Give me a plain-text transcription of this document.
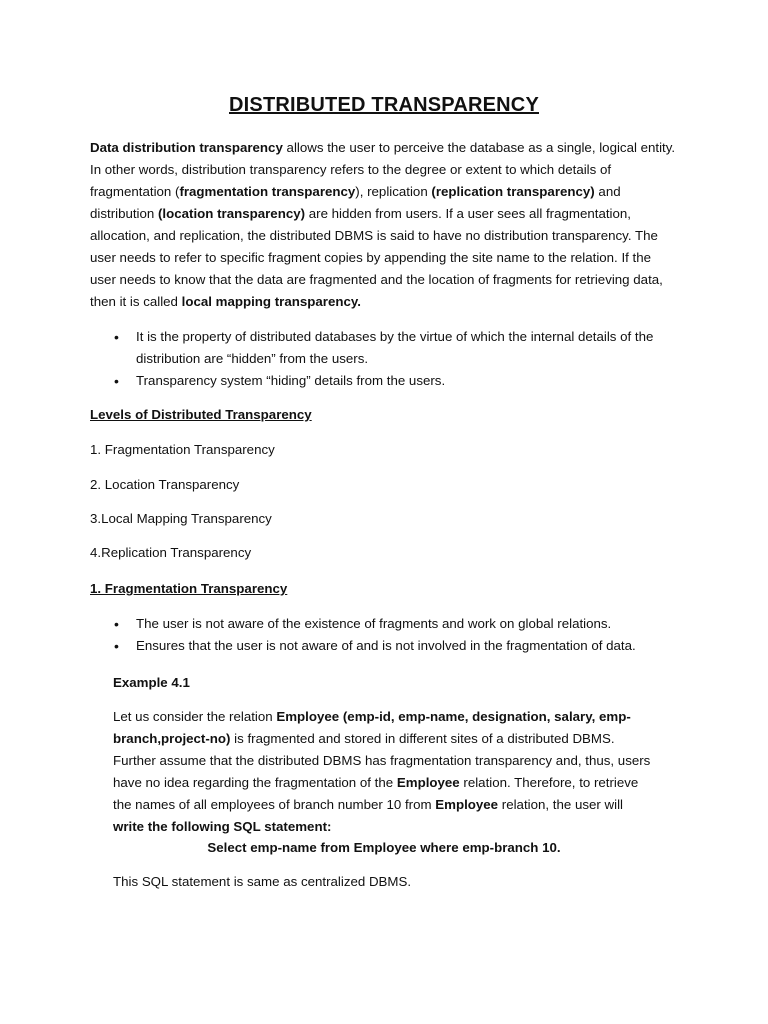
DISTRIBUTED TRANSPARENCY

Data distribution transparency allows the user to perceive the database as a single, logical entity. In other words, distribution transparency refers to the degree or extent to which details of fragmentation (fragmentation transparency), replication (replication transparency) and distribution (location transparency) are hidden from users. If a user sees all fragmentation, allocation, and replication, the distributed DBMS is said to have no distribution transparency. The user needs to refer to specific fragment copies by appending the site name to the relation. If the user needs to know that the data are fragmented and the location of fragments for retrieving data, then it is called local mapping transparency.

• It is the property of distributed databases by the virtue of which the internal details of the distribution are “hidden” from the users.
• Transparency system “hiding” details from the users.
Levels of Distributed Transparency
1. Fragmentation Transparency
2. Location Transparency
3.Local Mapping Transparency
4.Replication Transparency
1. Fragmentation Transparency
• The user is not aware of the existence of fragments and work on global relations.
• Ensures that the user is not aware of and is not involved in the fragmentation of data.
Example 4.1

Let us consider the relation Employee (emp-id, emp-name, designation, salary, emp-branch,project-no) is fragmented and stored in different sites of a distributed DBMS. Further assume that the distributed DBMS has fragmentation transparency and, thus, users have no idea regarding the fragmentation of the Employee relation. Therefore, to retrieve the names of all employees of branch number 10 from Employee relation, the user will
write the following SQL statement:

Select emp-name from Employee where emp-branch 10.
This SQL statement is same as centralized DBMS.
